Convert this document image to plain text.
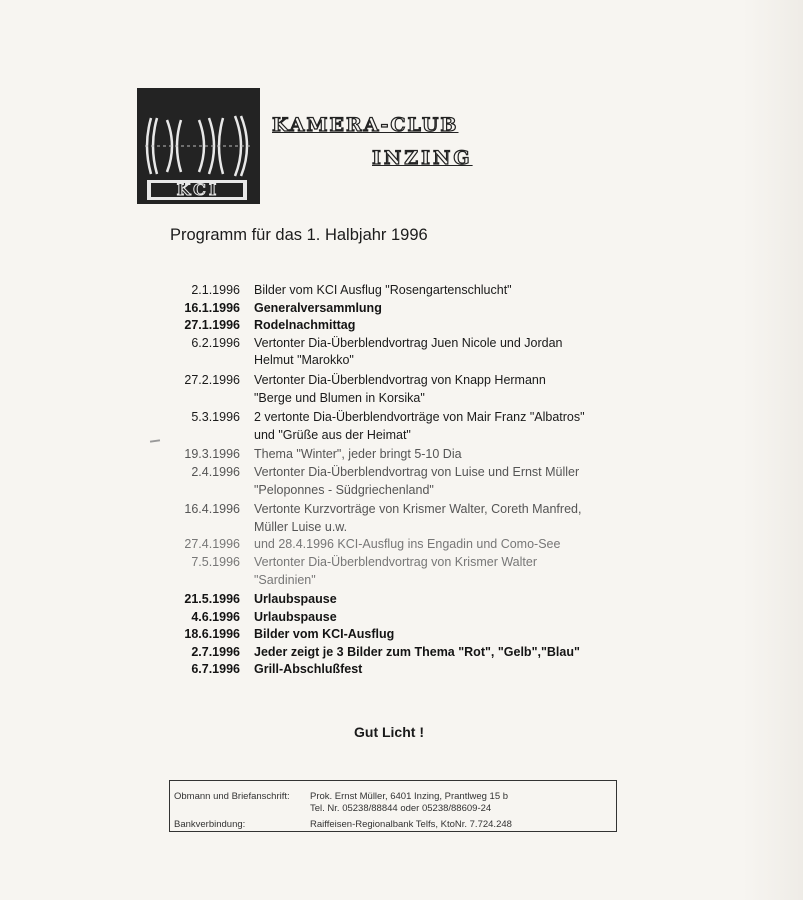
KCI
KAMERA-CLUB
INZING
Programm für das 1. Halbjahr 1996
2.1.1996	Bilder vom KCI Ausflug "Rosengartenschlucht"
16.1.1996	Generalversammlung
27.1.1996	Rodelnachmittag
6.2.1996	Vertonter Dia-Überblendvortrag Juen Nicole und Jordan
Helmut "Marokko"
27.2.1996	Vertonter Dia-Überblendvortrag von Knapp Hermann
"Berge und Blumen in Korsika"
5.3.1996	2 vertonte Dia-Überblendvorträge von Mair Franz "Albatros"
und "Grüße aus der Heimat"
19.3.1996	Thema "Winter", jeder bringt 5-10 Dia
2.4.1996	Vertonter Dia-Überblendvortrag von Luise und Ernst Müller
"Peloponnes - Südgriechenland"
16.4.1996	Vertonte Kurzvorträge von Krismer Walter, Coreth Manfred,
Müller Luise u.w.
27.4.1996	und 28.4.1996 KCI-Ausflug ins Engadin und Como-See
7.5.1996	Vertonter Dia-Überblendvortrag von Krismer Walter
"Sardinien"
21.5.1996	Urlaubspause
4.6.1996	Urlaubspause
18.6.1996	Bilder vom KCI-Ausflug
2.7.1996	Jeder zeigt je 3 Bilder zum Thema "Rot", "Gelb","Blau"
6.7.1996	Grill-Abschlußfest
Gut Licht !
Obmann und Briefanschrift: Prok. Ernst Müller, 6401 Inzing, Prantlweg 15 b
Tel. Nr. 05238/88844 oder 05238/88609-24
Bankverbindung:	Raiffeisen-Regionalbank Telfs, KtoNr. 7.724.248
